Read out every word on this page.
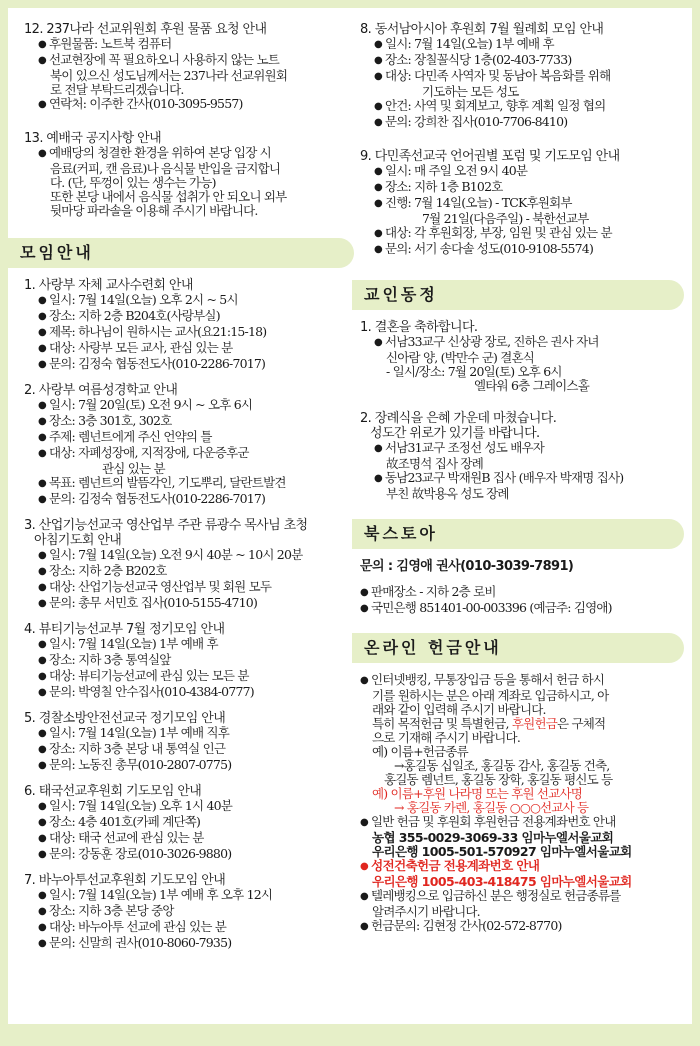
12. 237나라 선교위원회 후원 물품 요청 안내
● 후원물품: 노트북 컴퓨터
● 선교현장에 꼭 필요하오니 사용하지 않는 노트
북이 있으신 성도님께서는 237나라 선교위원회
로 전달 부탁드리겠습니다.
● 연락처: 이주한 간사(010-3095-9557)
13. 예배국 공지사항 안내
● 예배당의 청결한 환경을 위하여 본당 입장 시
음료(커피, 캔 음료)나 음식물 반입을 금지합니
다. (단, 뚜껑이 있는 생수는 가능)
또한 본당 내에서 음식물 섭취가 안 되오니 외부
뒷마당 파라솔을 이용해 주시기 바랍니다.
모임안내
1. 사랑부 자체 교사수련회 안내
● 일시: 7월 14일(오늘) 오후 2시 ~ 5시
● 장소: 지하 2층 B204호(사랑부실)
● 제목: 하나님이 원하시는 교사(요21:15-18)
● 대상: 사랑부 모든 교사, 관심 있는 분
● 문의: 김정숙 협동전도사(010-2286-7017)
2. 사랑부 여름성경학교 안내
● 일시: 7월 20일(토) 오전 9시 ~ 오후 6시
● 장소: 3층 301호, 302호
● 주제: 렘넌트에게 주신 언약의 틀
● 대상: 자폐성장애, 지적장애, 다운증후군
관심 있는 분
● 목표: 렘넌트의 발뜸각인, 기도뿌리, 달란트발견
● 문의: 김정숙 협동전도사(010-2286-7017)
3. 산업기능선교국 영산업부 주관 류광수 목사님 초청
아침기도회 안내
● 일시: 7월 14일(오늘) 오전 9시 40분 ~ 10시 20분
● 장소: 지하 2층 B202호
● 대상: 산업기능선교국 영산업부 및 회원 모두
● 문의: 총무 서민호 집사(010-5155-4710)
4. 뷰티기능선교부 7월 정기모임 안내
● 일시: 7월 14일(오늘) 1부 예배 후
● 장소: 지하 3층 통역실앞
● 대상: 뷰티기능선교에 관심 있는 모든 분
● 문의: 박영칠 안수집사(010-4384-0777)
5. 경찰소방안전선교국 정기모임 안내
● 일시: 7월 14일(오늘) 1부 예배 직후
● 장소: 지하 3층 본당 내 통역실 인근
● 문의: 노동진 총무(010-2807-0775)
6. 태국선교후원회 기도모임 안내
● 일시: 7월 14일(오늘) 오후 1시 40분
● 장소: 4층 401호(카페 계단쪽)
● 대상: 태국 선교에 관심 있는 분
● 문의: 강동훈 장로(010-3026-9880)
7. 바누아투선교후원회 기도모임 안내
● 일시: 7월 14일(오늘) 1부 예배 후 오후 12시
● 장소: 지하 3층 본당 중앙
● 대상: 바누아투 선교에 관심 있는 분
● 문의: 신말희 권사(010-8060-7935)
8. 동서남아시아 후원회 7월 월례회 모임 안내
● 일시: 7월 14일(오늘) 1부 예배 후
● 장소: 장칠꼴식당 1층(02-403-7733)
● 대상: 다민족 사역자 및 동남아 복음화를 위해
기도하는 모든 성도
● 안건: 사역 및 회계보고, 향후 계획 일정 협의
● 문의: 강희찬 집사(010-7706-8410)
9. 다민족선교국 언어권별 포럼 및 기도모임 안내
● 일시: 매 주일 오전 9시 40분
● 장소: 지하 1층 B102호
● 진행: 7월 14일(오늘) - TCK후원회부
7월 21일(다음주일) - 북한선교부
● 대상: 각 후원회장, 부장, 임원 및 관심 있는 분
● 문의: 서기 송다솔 성도(010-9108-5574)
교인동정
1. 결혼을 축하합니다.
● 서남33교구 신상광 장로, 진하은 권사 자녀
신아람 양, (박만수 군) 결혼식
- 일시/장소: 7월 20일(토) 오후 6시
엘타워 6층 그레이스홀
2. 장례식을 은혜 가운데 마쳤습니다.
성도간 위로가 있기를 바랍니다.
● 서남31교구 조정선 성도 배우자
故조명석 집사 장례
● 동남23교구 박재원B 집사 (배우자 박재명 집사)
부친 故박용옥 성도 장례
북스토아
문의 : 김영애 권사(010-3039-7891)
● 판매장소 - 지하 2층 로비
● 국민은행 851401-00-003396 (예금주: 김영애)
온라인 헌금안내
● 인터넷뱅킹, 무통장입금 등을 통해서 헌금 하시
기를 원하시는 분은 아래 계좌로 입금하시고, 아
래와 같이 입력해 주시기 바랍니다.
특히 목적헌금 및 특별헌금, 후원헌금은 구체적
으로 기재해 주시기 바랍니다.
예) 이름+헌금종류
→홍길동 십일조, 홍길동 감사, 홍길동 건축,
홍길동 렘넌트, 홍길동 장학, 홍길동 평신도 등
예) 이름+후원 나라명 또는 후원 선교사명
→ 홍길동 카렌, 홍길동 ○○○선교사 등
● 일반 헌금 및 후원회 후원헌금 전용계좌번호 안내
농협 355-0029-3069-33 임마누엘서울교회
우리은행 1005-501-570927 임마누엘서울교회
● 성전건축헌금 전용계좌번호 안내
우리은행 1005-403-418475 임마누엘서울교회
● 텔레뱅킹으로 입금하신 분은 행정실로 헌금종류를
알려주시기 바랍니다.
● 헌금문의: 김현정 간사(02-572-8770)
